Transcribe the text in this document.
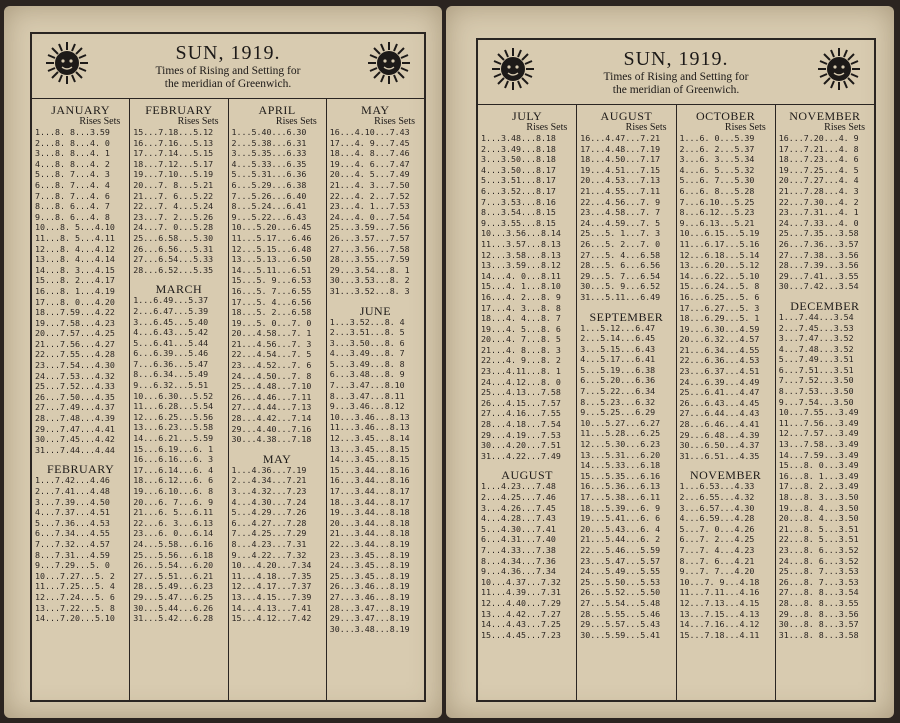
SUN, 1919.
Times of Rising and Setting for
the meridian of Greenwich.
JANUARY
Rises Sets
1...8. 8...3.59
2...8. 8...4. 0
3...8. 8...4. 1
4...8. 8...4. 2
5...8. 7...4. 3
6...8. 7...4. 4
7...8. 7...4. 6
8...8. 6...4. 7
9...8. 6...4. 8
10...8. 5...4.10
11...8. 5...4.11
12...8. 4...4.12
13...8. 4...4.14
14...8. 3...4.15
15...8. 2...4.17
16...8. 1...4.19
17...8. 0...4.20
18...7.59...4.22
19...7.58...4.23
20...7.57...4.25
21...7.56...4.27
22...7.55...4.28
23...7.54...4.30
24...7.53...4.32
25...7.52...4.33
26...7.50...4.35
27...7.49...4.37
28...7.48...4.39
29...7.47...4.41
30...7.45...4.42
31...7.44...4.44
FEBRUARY
1...7.42...4.46
2...7.41...4.48
3...7.39...4.50
4...7.37...4.51
5...7.36...4.53
6...7.34...4.55
7...7.32...4.57
8...7.31...4.59
9...7.29...5. 0
10...7.27...5. 2
11...7.25...5. 4
12...7.24...5. 6
13...7.22...5. 8
14...7.20...5.10
FEBRUARY
Rises Sets
15...7.18...5.12
16...7.16...5.13
17...7.14...5.15
18...7.12...5.17
19...7.10...5.19
20...7. 8...5.21
21...7. 6...5.22
22...7. 4...5.24
23...7. 2...5.26
24...7. 0...5.28
25...6.58...5.30
26...6.56...5.31
27...6.54...5.33
28...6.52...5.35
MARCH
1...6.49...5.37
2...6.47...5.39
3...6.45...5.40
4...6.43...5.42
5...6.41...5.44
6...6.39...5.46
7...6.36...5.47
8...6.34...5.49
9...6.32...5.51
10...6.30...5.52
11...6.28...5.54
12...6.25...5.56
13...6.23...5.58
14...6.21...5.59
15...6.19...6. 1
16...6.16...6. 3
17...6.14...6. 4
18...6.12...6. 6
19...6.10...6. 8
20...6. 7...6. 9
21...6. 5...6.11
22...6. 3...6.13
23...6. 0...6.14
24...5.58...6.16
25...5.56...6.18
26...5.54...6.20
27...5.51...6.21
28...5.49...6.23
29...5.47...6.25
30...5.44...6.26
31...5.42...6.28
APRIL
Rises Sets
1...5.40...6.30
2...5.38...6.31
3...5.35...6.33
4...5.33...6.35
5...5.31...6.36
6...5.29...6.38
7...5.26...6.40
8...5.24...6.41
9...5.22...6.43
10...5.20...6.45
11...5.17...6.46
12...5.15...6.48
13...5.13...6.50
14...5.11...6.51
15...5. 9...6.53
16...5. 7...6.55
17...5. 4...6.56
18...5. 2...6.58
19...5. 0...7. 0
20...4.58...7. 1
21...4.56...7. 3
22...4.54...7. 5
23...4.52...7. 6
24...4.50...7. 8
25...4.48...7.10
26...4.46...7.11
27...4.44...7.13
28...4.42...7.14
29...4.40...7.16
30...4.38...7.18
MAY
1...4.36...7.19
2...4.34...7.21
3...4.32...7.23
4...4.30...7.24
5...4.29...7.26
6...4.27...7.28
7...4.25...7.29
8...4.23...7.31
9...4.22...7.32
10...4.20...7.34
11...4.18...7.35
12...4.17...7.37
13...4.15...7.39
14...4.13...7.41
15...4.12...7.42
MAY
Rises Sets
16...4.10...7.43
17...4. 9...7.45
18...4. 8...7.46
19...4. 6...7.47
20...4. 5...7.49
21...4. 3...7.50
22...4. 2...7.52
23...4. 1...7.53
24...4. 0...7.54
25...3.59...7.56
26...3.57...7.57
27...3.56...7.58
28...3.55...7.59
29...3.54...8. 1
30...3.53...8. 2
31...3.52...8. 3
JUNE
1...3.52...8. 4
2...3.51...8. 5
3...3.50...8. 6
4...3.49...8. 7
5...3.49...8. 8
6...3.48...8. 9
7...3.47...8.10
8...3.47...8.11
9...3.46...8.12
10...3.46...8.13
11...3.46...8.13
12...3.45...8.14
13...3.45...8.15
14...3.45...8.15
15...3.44...8.16
16...3.44...8.16
17...3.44...8.17
18...3.44...8.17
19...3.44...8.18
20...3.44...8.18
21...3.44...8.18
22...3.44...8.19
23...3.45...8.19
24...3.45...8.19
25...3.45...8.19
26...3.46...8.19
27...3.46...8.19
28...3.47...8.19
29...3.47...8.19
30...3.48...8.19
SUN, 1919.
Times of Rising and Setting for
the meridian of Greenwich.
JULY
Rises Sets
1...3.48...8.18
2...3.49...8.18
3...3.50...8.18
4...3.50...8.17
5...3.51...8.17
6...3.52...8.17
7...3.53...8.16
8...3.54...8.15
9...3.55...8.15
10...3.56...8.14
11...3.57...8.13
12...3.58...8.13
13...3.59...8.12
14...4. 0...8.11
15...4. 1...8.10
16...4. 2...8. 9
17...4. 3...8. 8
18...4. 4...8. 7
19...4. 5...8. 6
20...4. 7...8. 5
21...4. 8...8. 3
22...4. 9...8. 2
23...4.11...8. 1
24...4.12...8. 0
25...4.13...7.58
26...4.15...7.57
27...4.16...7.55
28...4.18...7.54
29...4.19...7.53
30...4.20...7.51
31...4.22...7.49
AUGUST
1...4.23...7.48
2...4.25...7.46
3...4.26...7.45
4...4.28...7.43
5...4.30...7.41
6...4.31...7.40
7...4.33...7.38
8...4.34...7.36
9...4.36...7.34
10...4.37...7.32
11...4.39...7.31
12...4.40...7.29
13...4.42...7.27
14...4.43...7.25
15...4.45...7.23
AUGUST
Rises Sets
16...4.47...7.21
17...4.48...7.19
18...4.50...7.17
19...4.51...7.15
20...4.53...7.13
21...4.55...7.11
22...4.56...7. 9
23...4.58...7. 7
24...4.59...7. 5
25...5. 1...7. 3
26...5. 2...7. 0
27...5. 4...6.58
28...5. 6...6.56
29...5. 7...6.54
30...5. 9...6.52
31...5.11...6.49
SEPTEMBER
1...5.12...6.47
2...5.14...6.45
3...5.15...6.43
4...5.17...6.41
5...5.19...6.38
6...5.20...6.36
7...5.22...6.34
8...5.23...6.32
9...5.25...6.29
10...5.27...6.27
11...5.28...6.25
12...5.30...6.23
13...5.31...6.20
14...5.33...6.18
15...5.35...6.16
16...5.36...6.13
17...5.38...6.11
18...5.39...6. 9
19...5.41...6. 6
20...5.43...6. 4
21...5.44...6. 2
22...5.46...5.59
23...5.47...5.57
24...5.49...5.55
25...5.50...5.53
26...5.52...5.50
27...5.54...5.48
28...5.55...5.46
29...5.57...5.43
30...5.59...5.41
OCTOBER
Rises Sets
1...6. 0...5.39
2...6. 2...5.37
3...6. 3...5.34
4...6. 5...5.32
5...6. 7...5.30
6...6. 8...5.28
7...6.10...5.25
8...6.12...5.23
9...6.13...5.21
10...6.15...5.19
11...6.17...5.16
12...6.18...5.14
13...6.20...5.12
14...6.22...5.10
15...6.24...5. 8
16...6.25...5. 6
17...6.27...5. 3
18...6.29...5. 1
19...6.30...4.59
20...6.32...4.57
21...6.34...4.55
22...6.36...4.53
23...6.37...4.51
24...6.39...4.49
25...6.41...4.47
26...6.43...4.45
27...6.44...4.43
28...6.46...4.41
29...6.48...4.39
30...6.50...4.37
31...6.51...4.35
NOVEMBER
1...6.53...4.33
2...6.55...4.32
3...6.57...4.30
4...6.59...4.28
5...7. 0...4.26
6...7. 2...4.25
7...7. 4...4.23
8...7. 6...4.21
9...7. 7...4.20
10...7. 9...4.18
11...7.11...4.16
12...7.13...4.15
13...7.15...4.13
14...7.16...4.12
15...7.18...4.11
NOVEMBER
Rises Sets
16...7.20...4. 9
17...7.21...4. 8
18...7.23...4. 6
19...7.25...4. 5
20...7.27...4. 4
21...7.28...4. 3
22...7.30...4. 2
23...7.31...4. 1
24...7.33...4. 0
25...7.35...3.58
26...7.36...3.57
27...7.38...3.56
28...7.39...3.56
29...7.41...3.55
30...7.42...3.54
DECEMBER
1...7.44...3.54
2...7.45...3.53
3...7.47...3.52
4...7.48...3.52
5...7.49...3.51
6...7.51...3.51
7...7.52...3.50
8...7.53...3.50
9...7.54...3.50
10...7.55...3.49
11...7.56...3.49
12...7.57...3.49
13...7.58...3.49
14...7.59...3.49
15...8. 0...3.49
16...8. 1...3.49
17...8. 2...3.49
18...8. 3...3.50
19...8. 4...3.50
20...8. 4...3.50
21...8. 5...3.51
22...8. 5...3.51
23...8. 6...3.52
24...8. 6...3.52
25...8. 7...3.53
26...8. 7...3.53
27...8. 8...3.54
28...8. 8...3.55
29...8. 8...3.56
30...8. 8...3.57
31...8. 8...3.58
